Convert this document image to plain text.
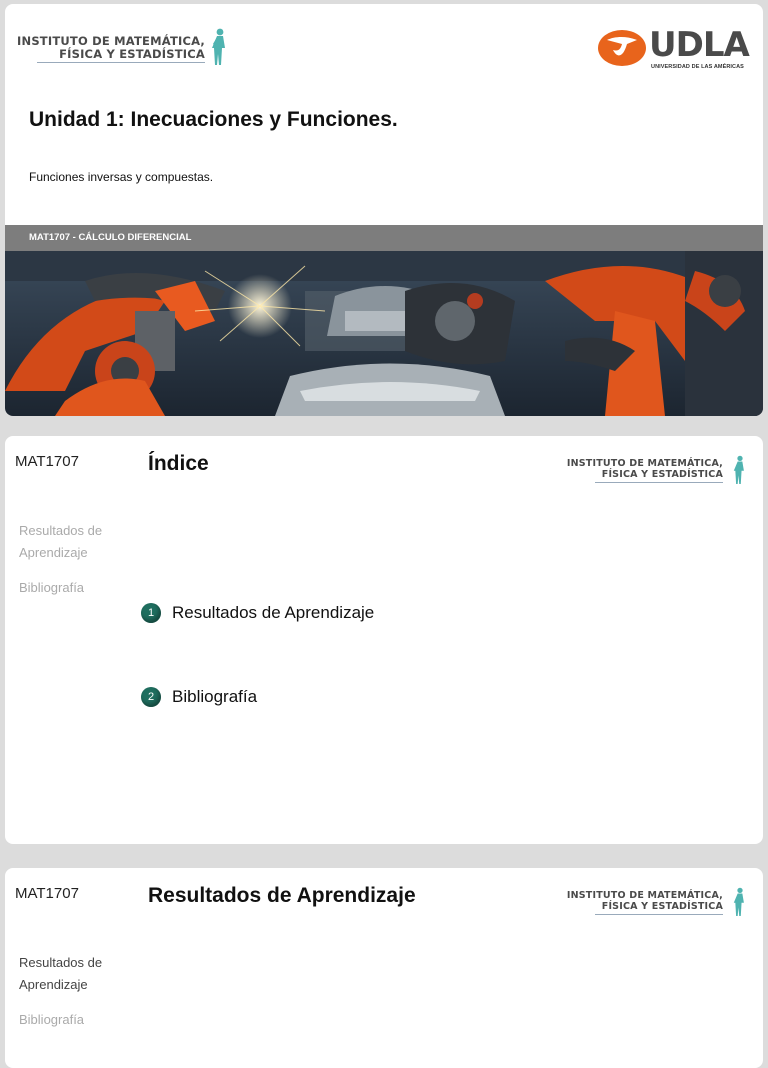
INSTITUTO DE MATEMÁTICA,
FÍSICA Y ESTADÍSTICA	UDLA
UNIVERSIDAD DE LAS AMÉRICAS
Unidad 1: Inecuaciones y Funciones.
Funciones inversas y compuestas.
MAT1707 - CÁLCULO DIFERENCIAL
MAT1707	Índice	INSTITUTO DE MATEMÁTICA,
FÍSICA Y ESTADÍSTICA
Resultados de Aprendizaje
Bibliografía
1	Resultados de Aprendizaje
2	Bibliografía
MAT1707	Resultados de Aprendizaje	INSTITUTO DE MATEMÁTICA,
FÍSICA Y ESTADÍSTICA
Resultados de Aprendizaje
Bibliografía
